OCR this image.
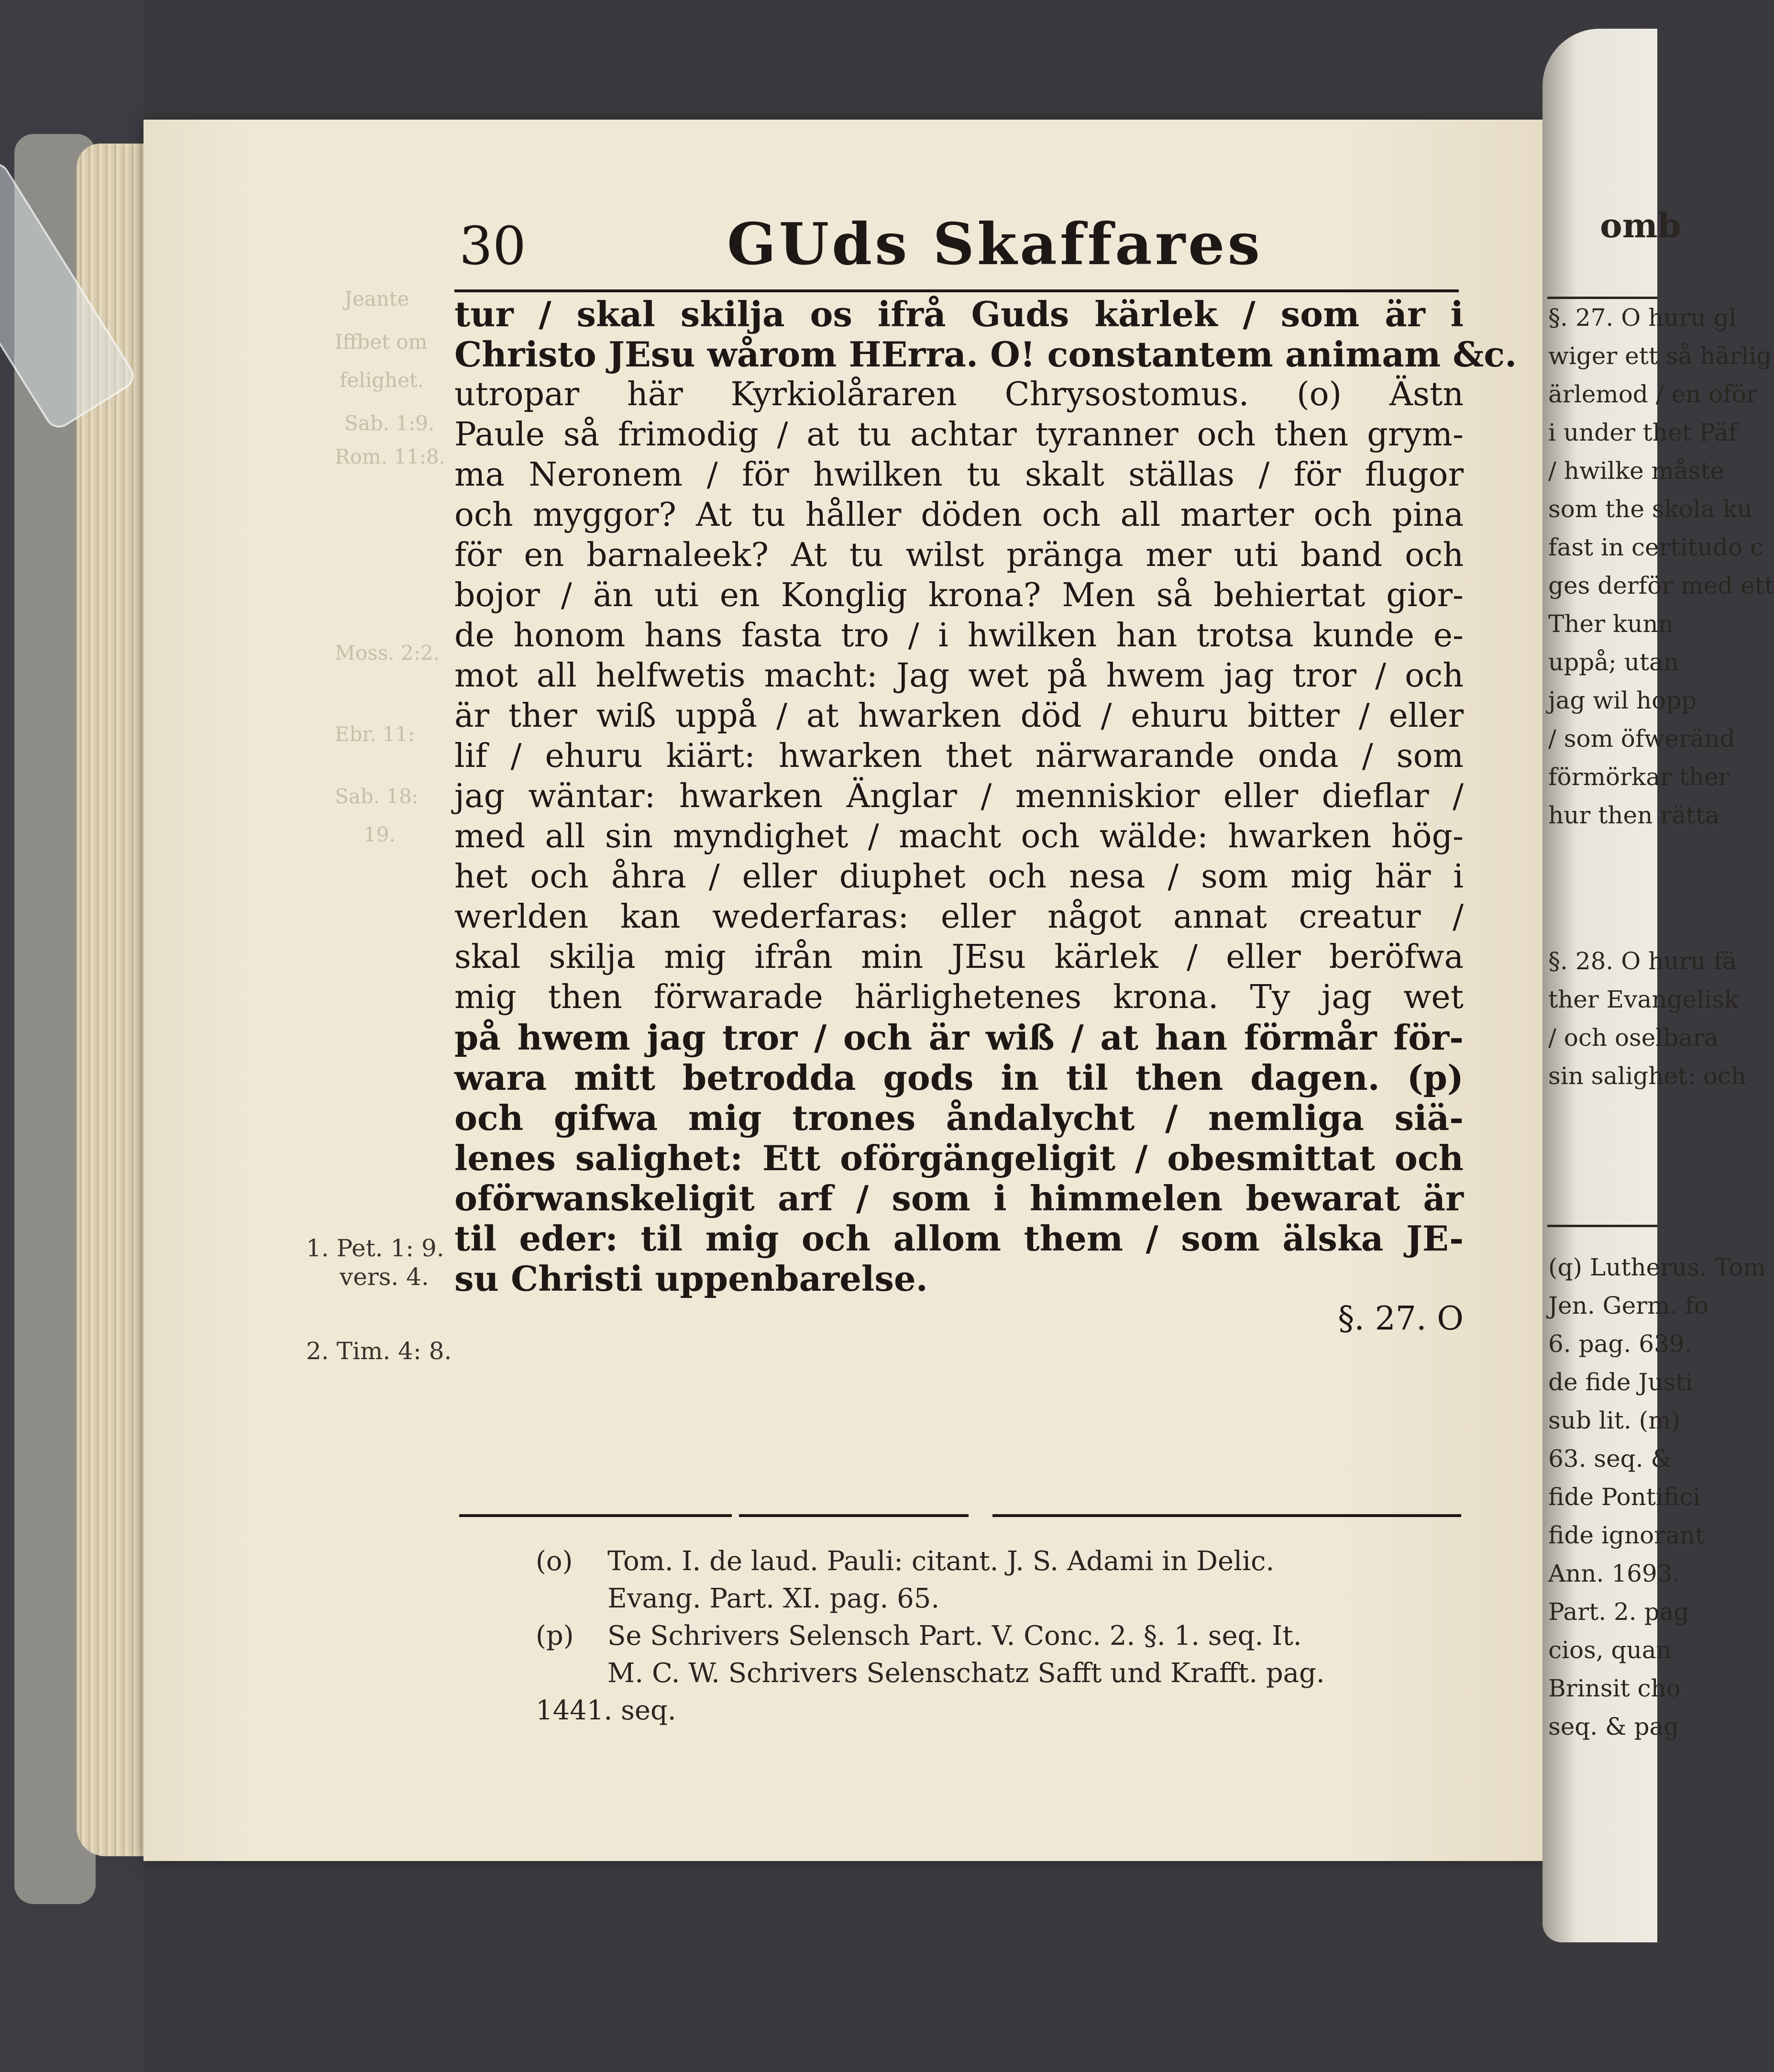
Jeante
Iffbet om
felighet.
Sab. 1:9.
Rom. 11:8.
Moss. 2:2.
Ebr. 11:
Sab. 18:
19.
30	GUds Skaffares
tur / skal skilja os ifrå Guds kärlek / som är i
Christo JEsu wårom HErra. O! constantem animam &c.
utropar här Kyrkiolåraren Chrysostomus. (o) Ästn
Paule så frimodig / at tu achtar tyranner och then grym-
ma Neronem / för hwilken tu skalt ställas / för flugor
och myggor? At tu håller döden och all marter och pina
för en barnaleek? At tu wilst pränga mer uti band och
bojor / än uti en Konglig krona? Men så behiertat gior-
de honom hans fasta tro / i hwilken han trotsa kunde e-
mot all helfwetis macht: Jag wet på hwem jag tror / och
är ther wiß uppå / at hwarken död / ehuru bitter / eller
lif / ehuru kiärt: hwarken thet närwarande onda / som
jag wäntar: hwarken Änglar / menniskior eller dieflar /
med all sin myndighet / macht och wälde: hwarken hög-
het och åhra / eller diuphet och nesa / som mig här i
werlden kan wederfaras: eller något annat creatur /
skal skilja mig ifrån min JEsu kärlek / eller beröfwa
mig then förwarade härlighetenes krona. Ty jag wet
på hwem jag tror / och är wiß / at han förmår för-
wara mitt betrodda gods in til then dagen. (p)
och gifwa mig trones åndalycht / nemliga siä-
lenes salighet: Ett oförgängeligit / obesmittat och
oförwanskeligit arf / som i himmelen bewarat är
til eder: til mig och allom them / som älska JE-
su Christi uppenbarelse.
§. 27. O
1. Pet. 1: 9.
vers. 4.
2. Tim. 4: 8.
(o) Tom. I. de laud. Pauli: citant. J. S. Adami in Delic.
Evang. Part. XI. pag. 65.
(p) Se Schrivers Selensch Part. V. Conc. 2. §. 1. seq. It.
M. C. W. Schrivers Selenschatz Safft und Krafft. pag.
1441. seq.
omb
§. 27. O huru gl
wiger ett så härlig
ärlemod / en oför
i under thet Päf
/ hwilke måste
som the skola ku
fast in certitudo c
ges derför med ett
Ther kunn
uppå; utan
jag wil hopp
/ som öfweränd
förmörkar ther
hur then rätta
§. 28. O huru fä
ther Evangelisk
/ och oselbara
sin salighet: och
(q) Lutherus. Tom
Jen. Germ. fo
6. pag. 639.
de fide Justi
sub lit. (m)
63. seq. &
fide Pontifici
fide ignorant
Ann. 1693.
Part. 2. pag
cios, quan
Brinsit cho
seq. & pag
